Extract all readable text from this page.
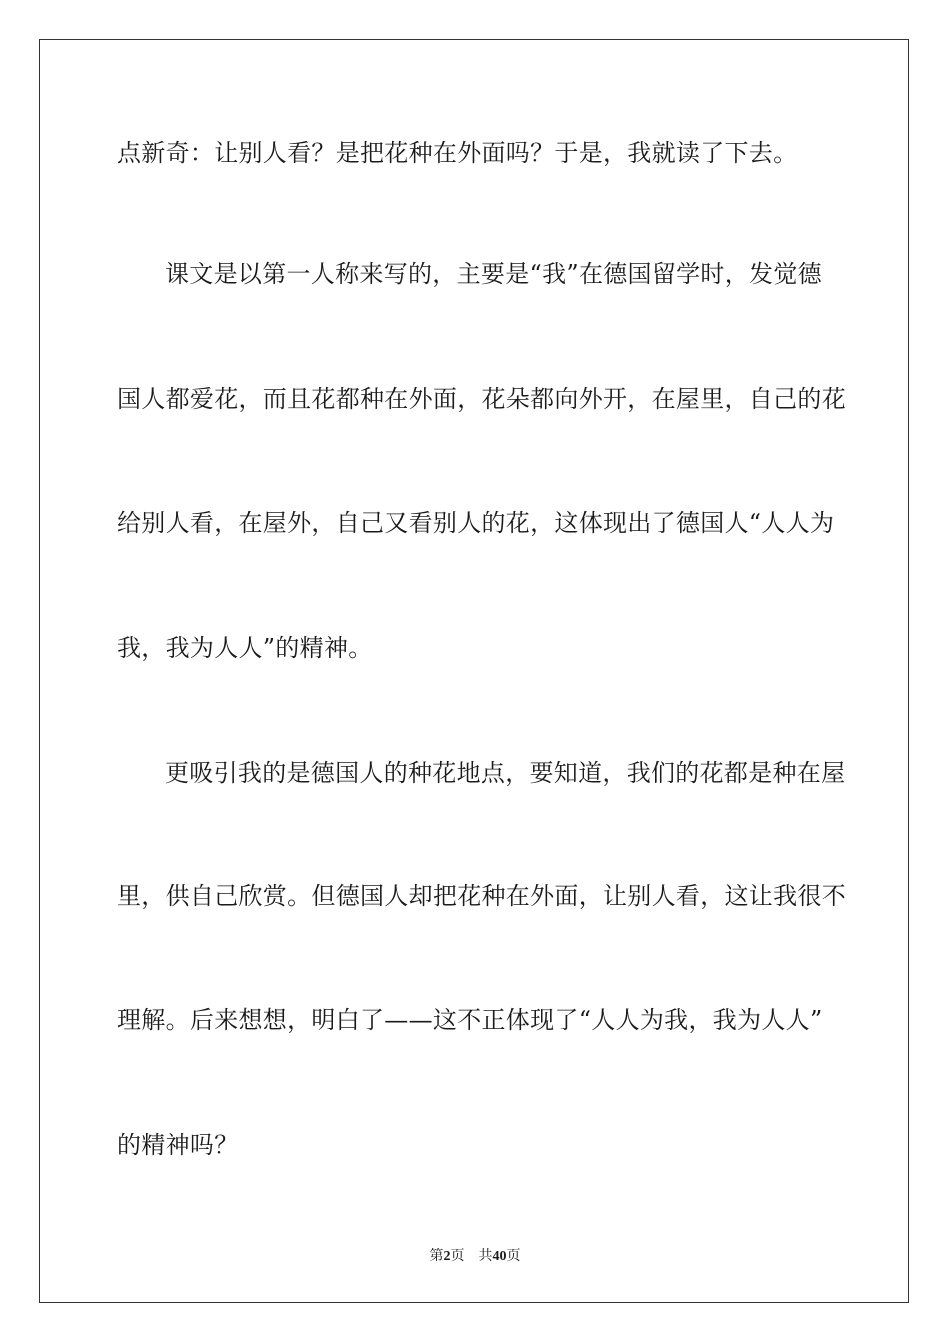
点新奇：让别人看？是把花种在外面吗？于是，我就读了下去。
课文是以第一人称来写的，主要是“我”在德国留学时，发觉德
国人都爱花，而且花都种在外面，花朵都向外开，在屋里，自己的花
给别人看，在屋外，自己又看别人的花，这体现出了德国人“人人为
我，我为人人”的精神。
更吸引我的是德国人的种花地点，要知道，我们的花都是种在屋
里，供自己欣赏。但德国人却把花种在外面，让别人看，这让我很不
理解。后来想想，明白了——这不正体现了“人人为我，我为人人”
的精神吗？
第2页 共40页
